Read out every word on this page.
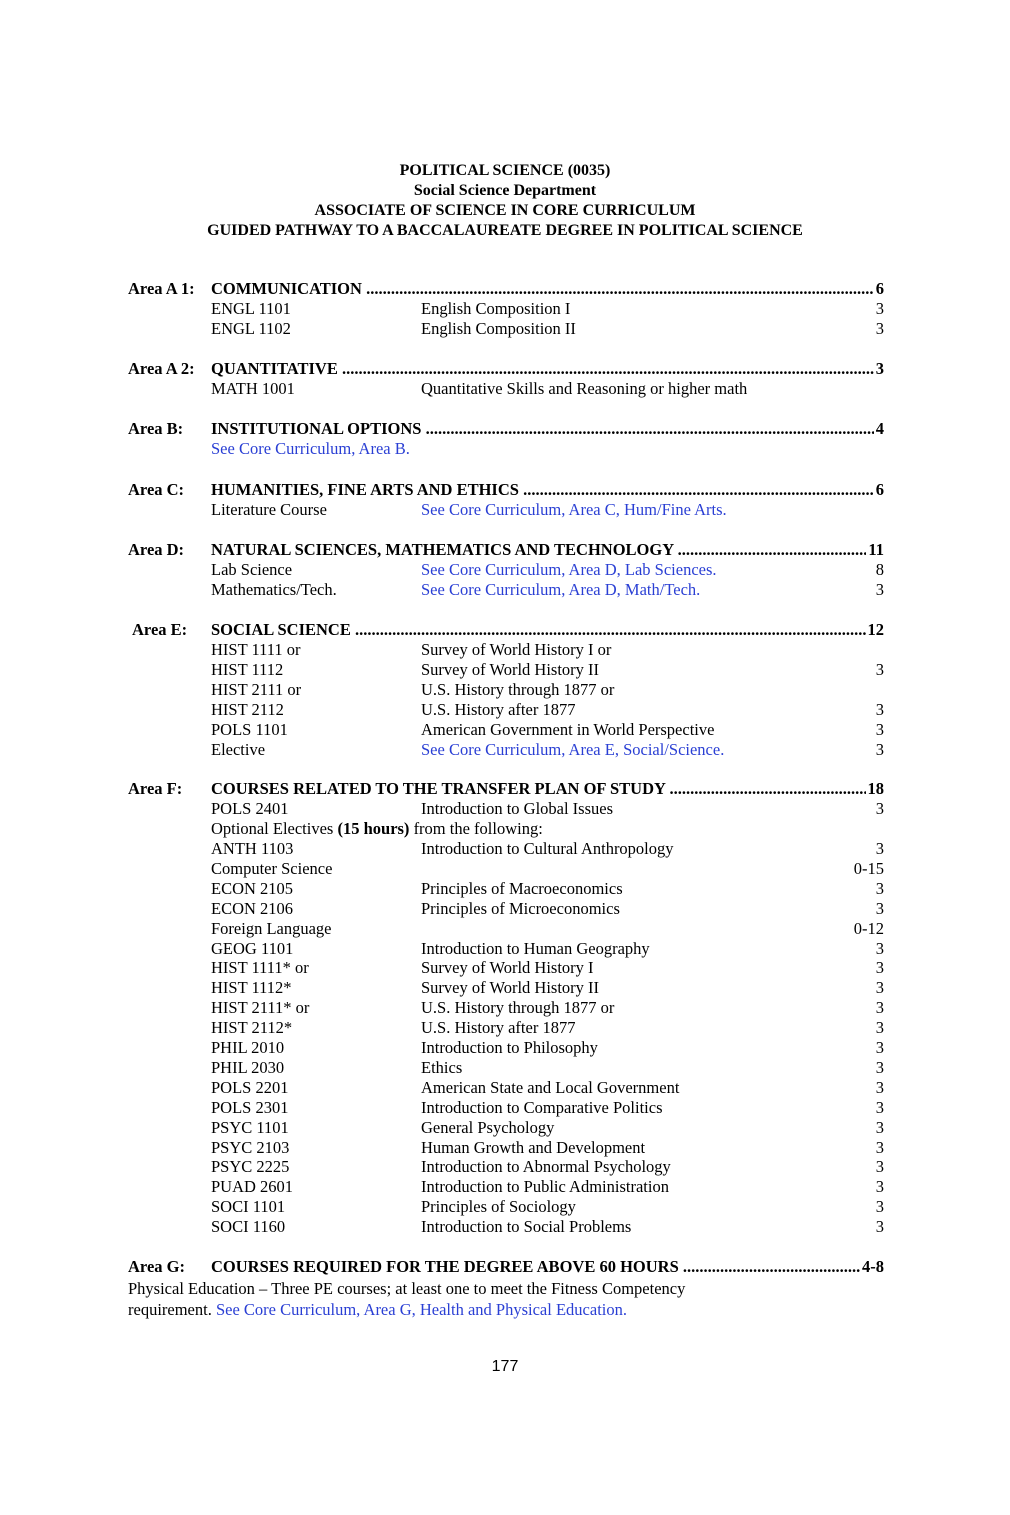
POLITICAL SCIENCE (0035)
Social Science Department
ASSOCIATE OF SCIENCE IN CORE CURRICULUM
GUIDED PATHWAY TO A BACCALAUREATE DEGREE IN POLITICAL SCIENCE
Area A 1: COMMUNICATION .....	6
ENGL 1101	English Composition I	3
ENGL 1102	English Composition II	3
Area A 2: QUANTITATIVE .....	3
MATH 1001	Quantitative Skills and Reasoning or higher math
Area B: INSTITUTIONAL OPTIONS .....	4
See Core Curriculum, Area B.
Area C: HUMANITIES, FINE ARTS AND ETHICS .....	6
Literature Course	See Core Curriculum, Area C, Hum/Fine Arts.
Area D: NATURAL SCIENCES, MATHEMATICS AND TECHNOLOGY .....	11
Lab Science	See Core Curriculum, Area D, Lab Sciences.	8
Mathematics/Tech.	See Core Curriculum, Area D, Math/Tech.	3
Area E: SOCIAL SCIENCE .....	12
HIST 1111 or	Survey of World History I or
HIST 1112	Survey of World History II	3
HIST 2111 or	U.S. History through 1877 or
HIST 2112	U.S. History after 1877	3
POLS 1101	American Government in World Perspective	3
Elective	See Core Curriculum, Area E, Social/Science.	3
Area F: COURSES RELATED TO THE TRANSFER PLAN OF STUDY .....	18
POLS 2401	Introduction to Global Issues	3
Optional Electives (15 hours) from the following:
ANTH 1103	Introduction to Cultural Anthropology	3
Computer Science	0-15
ECON 2105	Principles of Macroeconomics	3
ECON 2106	Principles of Microeconomics	3
Foreign Language	0-12
GEOG 1101	Introduction to Human Geography	3
HIST 1111* or	Survey of World History I	3
HIST 1112*	Survey of World History II	3
HIST 2111* or	U.S. History through 1877 or	3
HIST 2112*	U.S. History after 1877	3
PHIL 2010	Introduction to Philosophy	3
PHIL 2030	Ethics	3
POLS 2201	American State and Local Government	3
POLS 2301	Introduction to Comparative Politics	3
PSYC 1101	General Psychology	3
PSYC 2103	Human Growth and Development	3
PSYC 2225	Introduction to Abnormal Psychology	3
PUAD 2601	Introduction to Public Administration	3
SOCI 1101	Principles of Sociology	3
SOCI 1160	Introduction to Social Problems	3
Area G: COURSES REQUIRED FOR THE DEGREE ABOVE 60 HOURS .....	4-8
Physical Education – Three PE courses; at least one to meet the Fitness Competency
requirement. See Core Curriculum, Area G, Health and Physical Education.
177
